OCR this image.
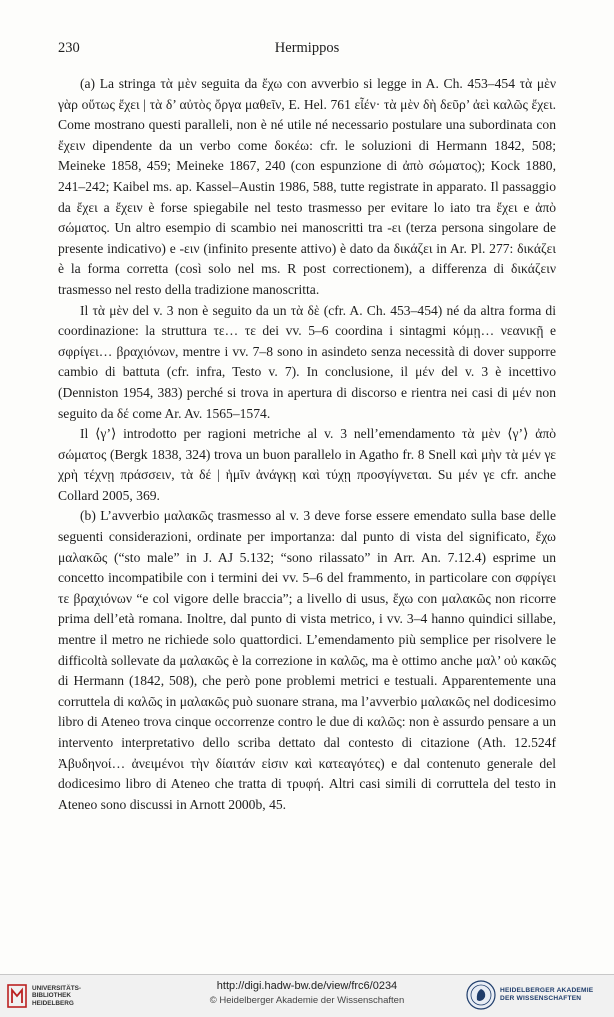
230	Hermippos

(a) La stringa τὰ μὲν seguita da ἔχω con avverbio si legge in A. Ch. 453–454 τὰ μὲν γὰρ οὕτως ἔχει | τὰ δ’ αὐτὸς ὄργα μαθεῖν, E. Hel. 761 εἶέν· τὰ μὲν δὴ δεῦρ’ ἀεὶ καλῶς ἔχει. Come mostrano questi paralleli, non è né utile né necessario postulare una subordinata con ἔχειν dipendente da un verbo come δοκέω: cfr. le soluzioni di Hermann 1842, 508; Meineke 1858, 459; Meineke 1867, 240 (con espunzione di ἀπὸ σώματος); Kock 1880, 241–242; Kaibel ms. ap. Kassel–Austin 1986, 588, tutte registrate in apparato. Il passaggio da ἔχει a ἔχειν è forse spiegabile nel testo trasmesso per evitare lo iato tra ἔχει e ἀπὸ σώματος. Un altro esempio di scambio nei manoscritti tra -ει (terza persona singolare de presente indicativo) e -ειν (infinito presente attivo) è dato da δικάζει in Ar. Pl. 277: δικάζει è la forma corretta (così solo nel ms. R post correctionem), a differenza di δικάζειν trasmesso nel resto della tradizione manoscritta.

Il τὰ μὲν del v. 3 non è seguito da un τὰ δὲ (cfr. A. Ch. 453–454) né da altra forma di coordinazione: la struttura τε… τε dei vv. 5–6 coordina i sintagmi κόμῃ… νεανικῇ e σφρίγει… βραχιόνων, mentre i vv. 7–8 sono in asindeto senza necessità di dover supporre cambio di battuta (cfr. infra, Testo v. 7). In conclusione, il μέν del v. 3 è incettivo (Denniston 1954, 383) perché si trova in apertura di discorso e rientra nei casi di μέν non seguito da δέ come Ar. Av. 1565–1574.

Il ⟨γ’⟩ introdotto per ragioni metriche al v. 3 nell’emendamento τὰ μὲν ⟨γ’⟩ ἀπὸ σώματος (Bergk 1838, 324) trova un buon parallelo in Agatho fr. 8 Snell καὶ μὴν τὰ μέν γε χρὴ τέχνῃ πράσσειν, τὰ δέ | ἡμῖν ἀνάγκῃ καὶ τύχῃ προσγίγνεται. Su μέν γε cfr. anche Collard 2005, 369.

(b) L’avverbio μαλακῶς trasmesso al v. 3 deve forse essere emendato sulla base delle seguenti considerazioni, ordinate per importanza: dal punto di vista del significato, ἔχω μαλακῶς (“sto male” in J. AJ 5.132; “sono rilassato” in Arr. An. 7.12.4) esprime un concetto incompatibile con i termini dei vv. 5–6 del frammento, in particolare con σφρίγει τε βραχιόνων “e col vigore delle braccia”; a livello di usus, ἔχω con μαλακῶς non ricorre prima dell’età romana. Inoltre, dal punto di vista metrico, i vv. 3–4 hanno quindici sillabe, mentre il metro ne richiede solo quattordici. L’emendamento più semplice per risolvere le difficoltà sollevate da μαλακῶς è la correzione in καλῶς, ma è ottimo anche μαλ’ οὐ κακῶς di Hermann (1842, 508), che però pone problemi metrici e testuali. Apparentemente una corruttela di καλῶς in μαλακῶς può suonare strana, ma l’avverbio μαλακῶς nel dodicesimo libro di Ateneo trova cinque occorrenze contro le due di καλῶς: non è assurdo pensare a un intervento interpretativo dello scriba dettato dal contesto di citazione (Ath. 12.524f Ἀβυδηνοί… ἀνειμένοι τὴν δίαιτάν εἰσιν καὶ κατεαγότες) e dal contenuto generale del dodicesimo libro di Ateneo che tratta di τρυφή. Altri casi simili di corruttela del testo in Ateneo sono discussi in Arnott 2000b, 45.

UNIVERSITÄTS-
BIBLIOTHEK
HEIDELBERG
http://digi.hadw-bw.de/view/frc6/0234
© Heidelberger Akademie der Wissenschaften
HEIDELBERGER AKADEMIE
DER WISSENSCHAFTEN
